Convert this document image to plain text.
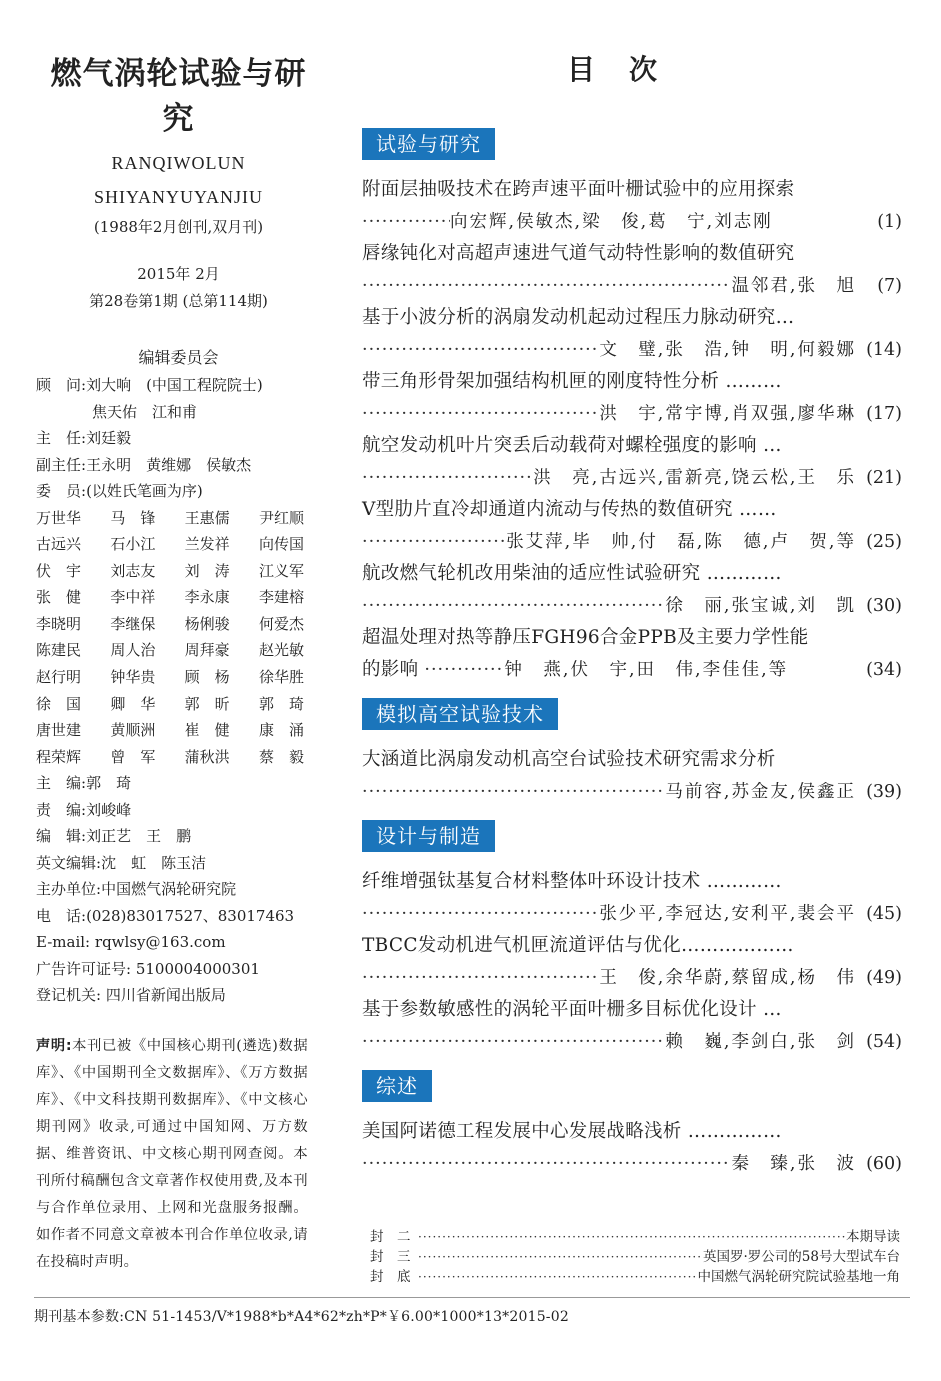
燃气涡轮试验与研究
RANQIWOLUN
SHIYANYUYANJIU
(1988年2月创刊,双月刊)
2015年 2月
第28卷第1期 (总第114期)
编辑委员会
顾　问:刘大响　(中国工程院院士)
焦天佑　江和甫
主　任:刘廷毅
副主任:王永明　黄维娜　侯敏杰
委　员:(以姓氏笔画为序)
万世华 马　锋 王惠儒 尹红顺
古远兴 石小江 兰发祥 向传国
伏　宇 刘志友 刘　涛 江义军
张　健 李中祥 李永康 李建榕
李晓明 李继保 杨俐骏 何爱杰
陈建民 周人治 周拜豪 赵光敏
赵行明 钟华贵 顾　杨 徐华胜
徐　国 卿　华 郭　昕 郭　琦
唐世建 黄顺洲 崔　健 康　涌
程荣辉 曾　军 蒲秋洪 蔡　毅
主　编:郭　琦
责　编:刘峻峰
编　辑:刘正艺　王　鹏
英文编辑:沈　虹　陈玉洁
主办单位:中国燃气涡轮研究院
电　话:(028)83017527、83017463
E-mail: rqwlsy@163.com
广告许可证号: 5100004000301
登记机关: 四川省新闻出版局
声明:本刊已被《中国核心期刊(遴选)数据库》、《中国期刊全文数据库》、《万方数据库》、《中文科技期刊数据库》、《中文核心期刊网》收录,可通过中国知网、万方数据、维普资讯、中文核心期刊网查阅。本刊所付稿酬包含文章著作权使用费,及本刊与合作单位录用、上网和光盘服务报酬。如作者不同意文章被本刊合作单位收录,请在投稿时声明。
目次
试验与研究
附面层抽吸技术在跨声速平面叶栅试验中的应用探索
·····
向宏辉,侯敏杰,梁　俊,葛　宁,刘志刚	(1)
唇缘钝化对高超声速进气道气动特性影响的数值研究
·····
温邻君,张　旭	(7)
基于小波分析的涡扇发动机起动过程压力脉动研究…
·····
文　璧,张　浩,钟　明,何毅娜 (14)
带三角形骨架加强结构机匣的刚度特性分析 ………
·····
洪　宇,常宇博,肖双强,廖华琳 (17)
航空发动机叶片突丢后动载荷对螺栓强度的影响 …
·····
洪　亮,古远兴,雷新亮,饶云松,王　乐 (21)
V型肋片直冷却通道内流动与传热的数值研究 ……
·····
张艾萍,毕　帅,付　磊,陈　德,卢　贺,等 (25)
航改燃气轮机改用柴油的适应性试验研究 …………
·····
徐　丽,张宝诚,刘　凯 (30)
超温处理对热等静压FGH96合金PPB及主要力学性能
的影响 ·····	钟　燕,伏　宇,田　伟,李佳佳,等	(34)
模拟高空试验技术
大涵道比涡扇发动机高空台试验技术研究需求分析
·····
马前容,苏金友,侯鑫正 (39)
设计与制造
纤维增强钛基复合材料整体叶环设计技术 …………
·····
张少平,李冠达,安利平,裴会平 (45)
TBCC发动机进气机匣流道评估与优化………………
·····
王　俊,余华蔚,蔡留成,杨　伟 (49)
基于参数敏感性的涡轮平面叶栅多目标优化设计 …
·····
赖　巍,李剑白,张　剑 (54)
综述
美国阿诺德工程发展中心发展战略浅析 ……………
·····
秦　臻,张　波 (60)
封　二 ·····	本期导读
封　三 ·····	英国罗·罗公司的58号大型试车台
封　底 ·····	中国燃气涡轮研究院试验基地一角
期刊基本参数:CN 51-1453/V*1988*b*A4*62*zh*P*￥6.00*1000*13*2015-02
